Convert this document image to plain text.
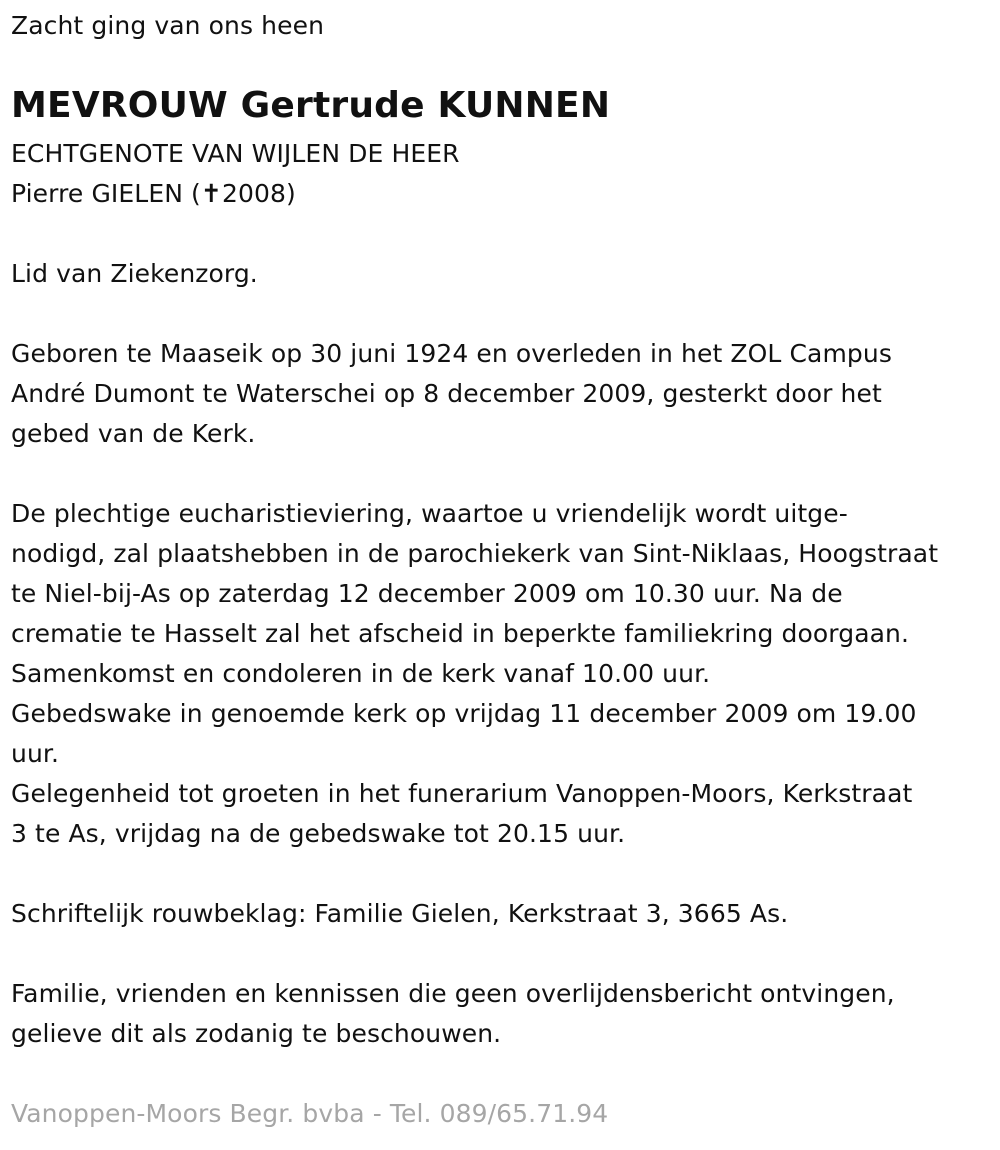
Zacht ging van ons heen
MEVROUW Gertrude KUNNEN
ECHTGENOTE VAN WIJLEN DE HEER
Pierre GIELEN (✝2008)
Lid van Ziekenzorg.
Geboren te Maaseik op 30 juni 1924 en overleden in het ZOL Campus
André Dumont te Waterschei op 8 december 2009, gesterkt door het
gebed van de Kerk.
De plechtige eucharistieviering, waartoe u vriendelijk wordt uitge-
nodigd, zal plaatshebben in de parochiekerk van Sint-Niklaas, Hoogstraat
te Niel-bij-As op zaterdag 12 december 2009 om 10.30 uur. Na de
crematie te Hasselt zal het afscheid in beperkte familiekring doorgaan.
Samenkomst en condoleren in de kerk vanaf 10.00 uur.
Gebedswake in genoemde kerk op vrijdag 11 december 2009 om 19.00
uur.
Gelegenheid tot groeten in het funerarium Vanoppen-Moors, Kerkstraat
3 te As, vrijdag na de gebedswake tot 20.15 uur.
Schriftelijk rouwbeklag: Familie Gielen, Kerkstraat 3, 3665 As.
Familie, vrienden en kennissen die geen overlijdensbericht ontvingen,
gelieve dit als zodanig te beschouwen.
Vanoppen-Moors Begr. bvba - Tel. 089/65.71.94
